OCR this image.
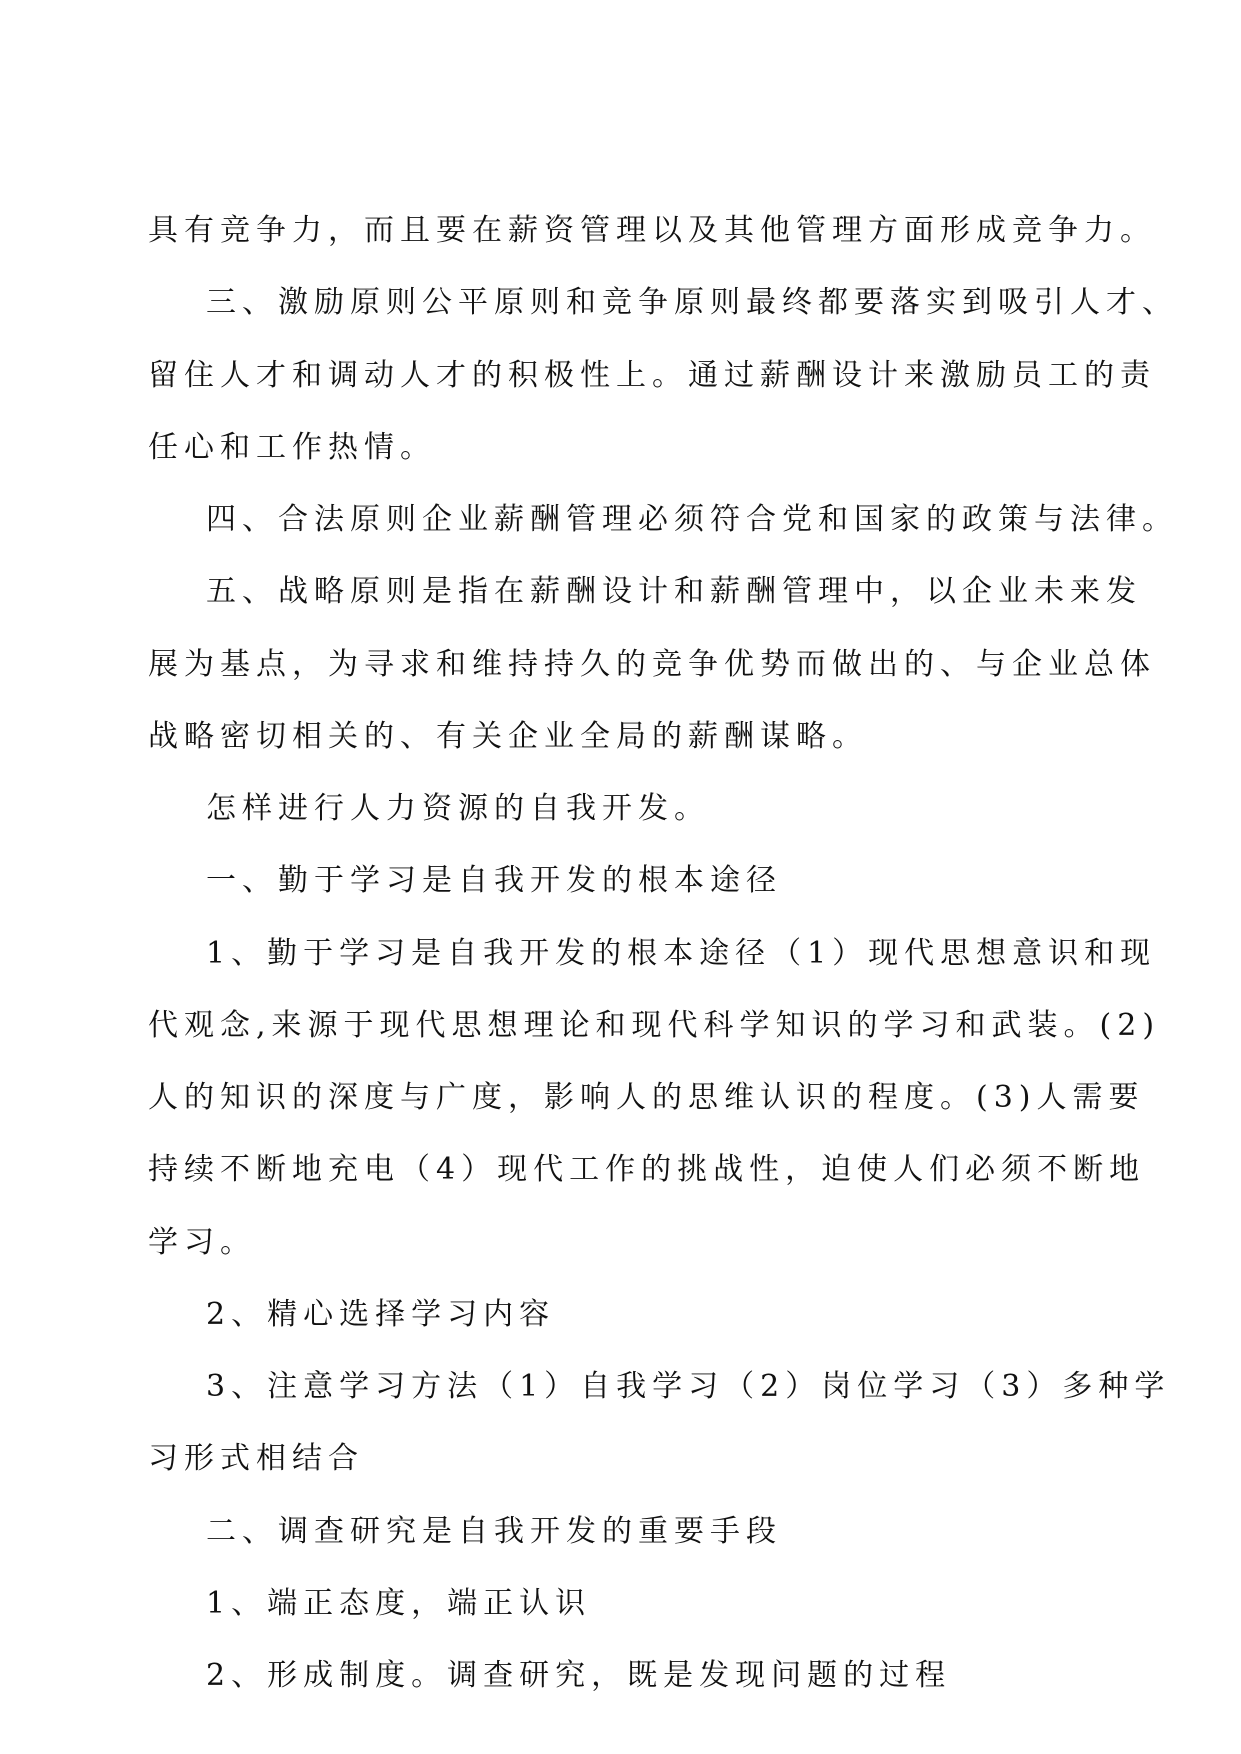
具有竞争力，而且要在薪资管理以及其他管理方面形成竞争力。
三、激励原则公平原则和竞争原则最终都要落实到吸引人才、
留住人才和调动人才的积极性上。通过薪酬设计来激励员工的责
任心和工作热情。
四、合法原则企业薪酬管理必须符合党和国家的政策与法律。
五、战略原则是指在薪酬设计和薪酬管理中，以企业未来发
展为基点，为寻求和维持持久的竞争优势而做出的、与企业总体
战略密切相关的、有关企业全局的薪酬谋略。
怎样进行人力资源的自我开发。
一、勤于学习是自我开发的根本途径
1、勤于学习是自我开发的根本途径（1）现代思想意识和现
代观念,来源于现代思想理论和现代科学知识的学习和武装。(2)
人的知识的深度与广度，影响人的思维认识的程度。(3)人需要
持续不断地充电（4）现代工作的挑战性，迫使人们必须不断地
学习。
2、精心选择学习内容
3、注意学习方法（1）自我学习（2）岗位学习（3）多种学
习形式相结合
二、调查研究是自我开发的重要手段
1、端正态度，端正认识
2、形成制度。调查研究，既是发现问题的过程
